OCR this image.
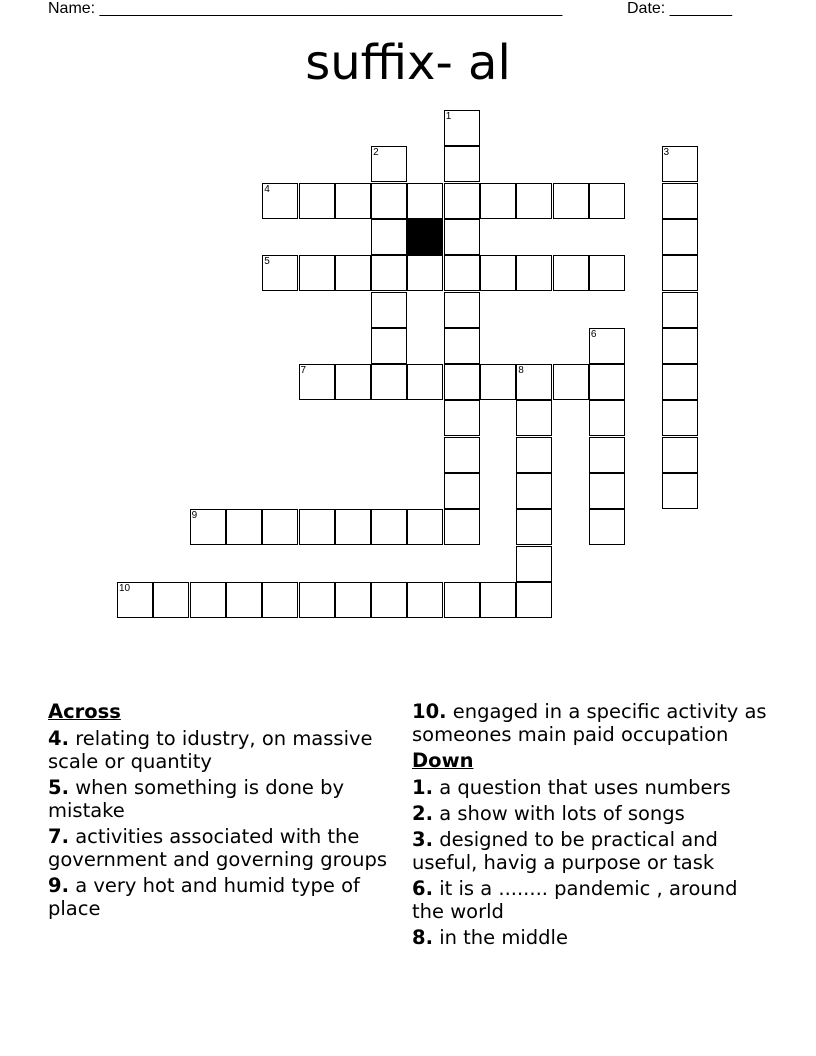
Name: ____________________________________________________	Date: _______
suffix- al
1
2	3
4
5
6
7	8
9
10
Across
4. relating to idustry, on massive scale or quantity
5. when something is done by mistake
7. activities associated with the government and governing groups
9. a very hot and humid type of place
10. engaged in a specific activity as someones main paid occupation
Down
1. a question that uses numbers
2. a show with lots of songs
3. designed to be practical and useful, havig a purpose or task
6. it is a ........ pandemic , around the world
8. in the middle
